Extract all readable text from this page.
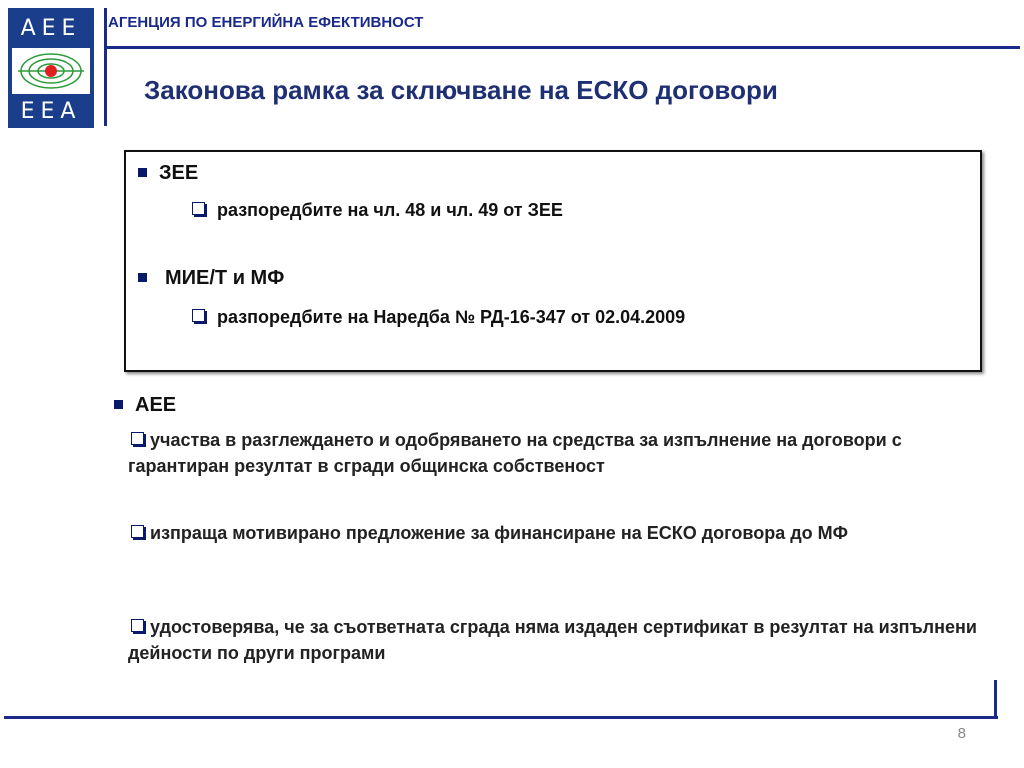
AEE
EEA
АГЕНЦИЯ ПО ЕНЕРГИЙНА ЕФЕКТИВНОСТ
Законова рамка за сключване на ЕСКО договори
ЗЕЕ
разпоредбите на чл. 48 и чл. 49 от ЗЕЕ
МИЕ/Т и МФ
разпоредбите на Наредба № РД-16-347 от 02.04.2009
АЕЕ
участва в разглеждането и одобряването на средства за изпълнение на договори с гарантиран резултат в сгради общинска собственост
изпраща мотивирано предложение за финансиране на ЕСКО договора до МФ
удостоверява, че за съответната сграда няма издаден сертификат в резултат на изпълнени дейности по други програми
8
